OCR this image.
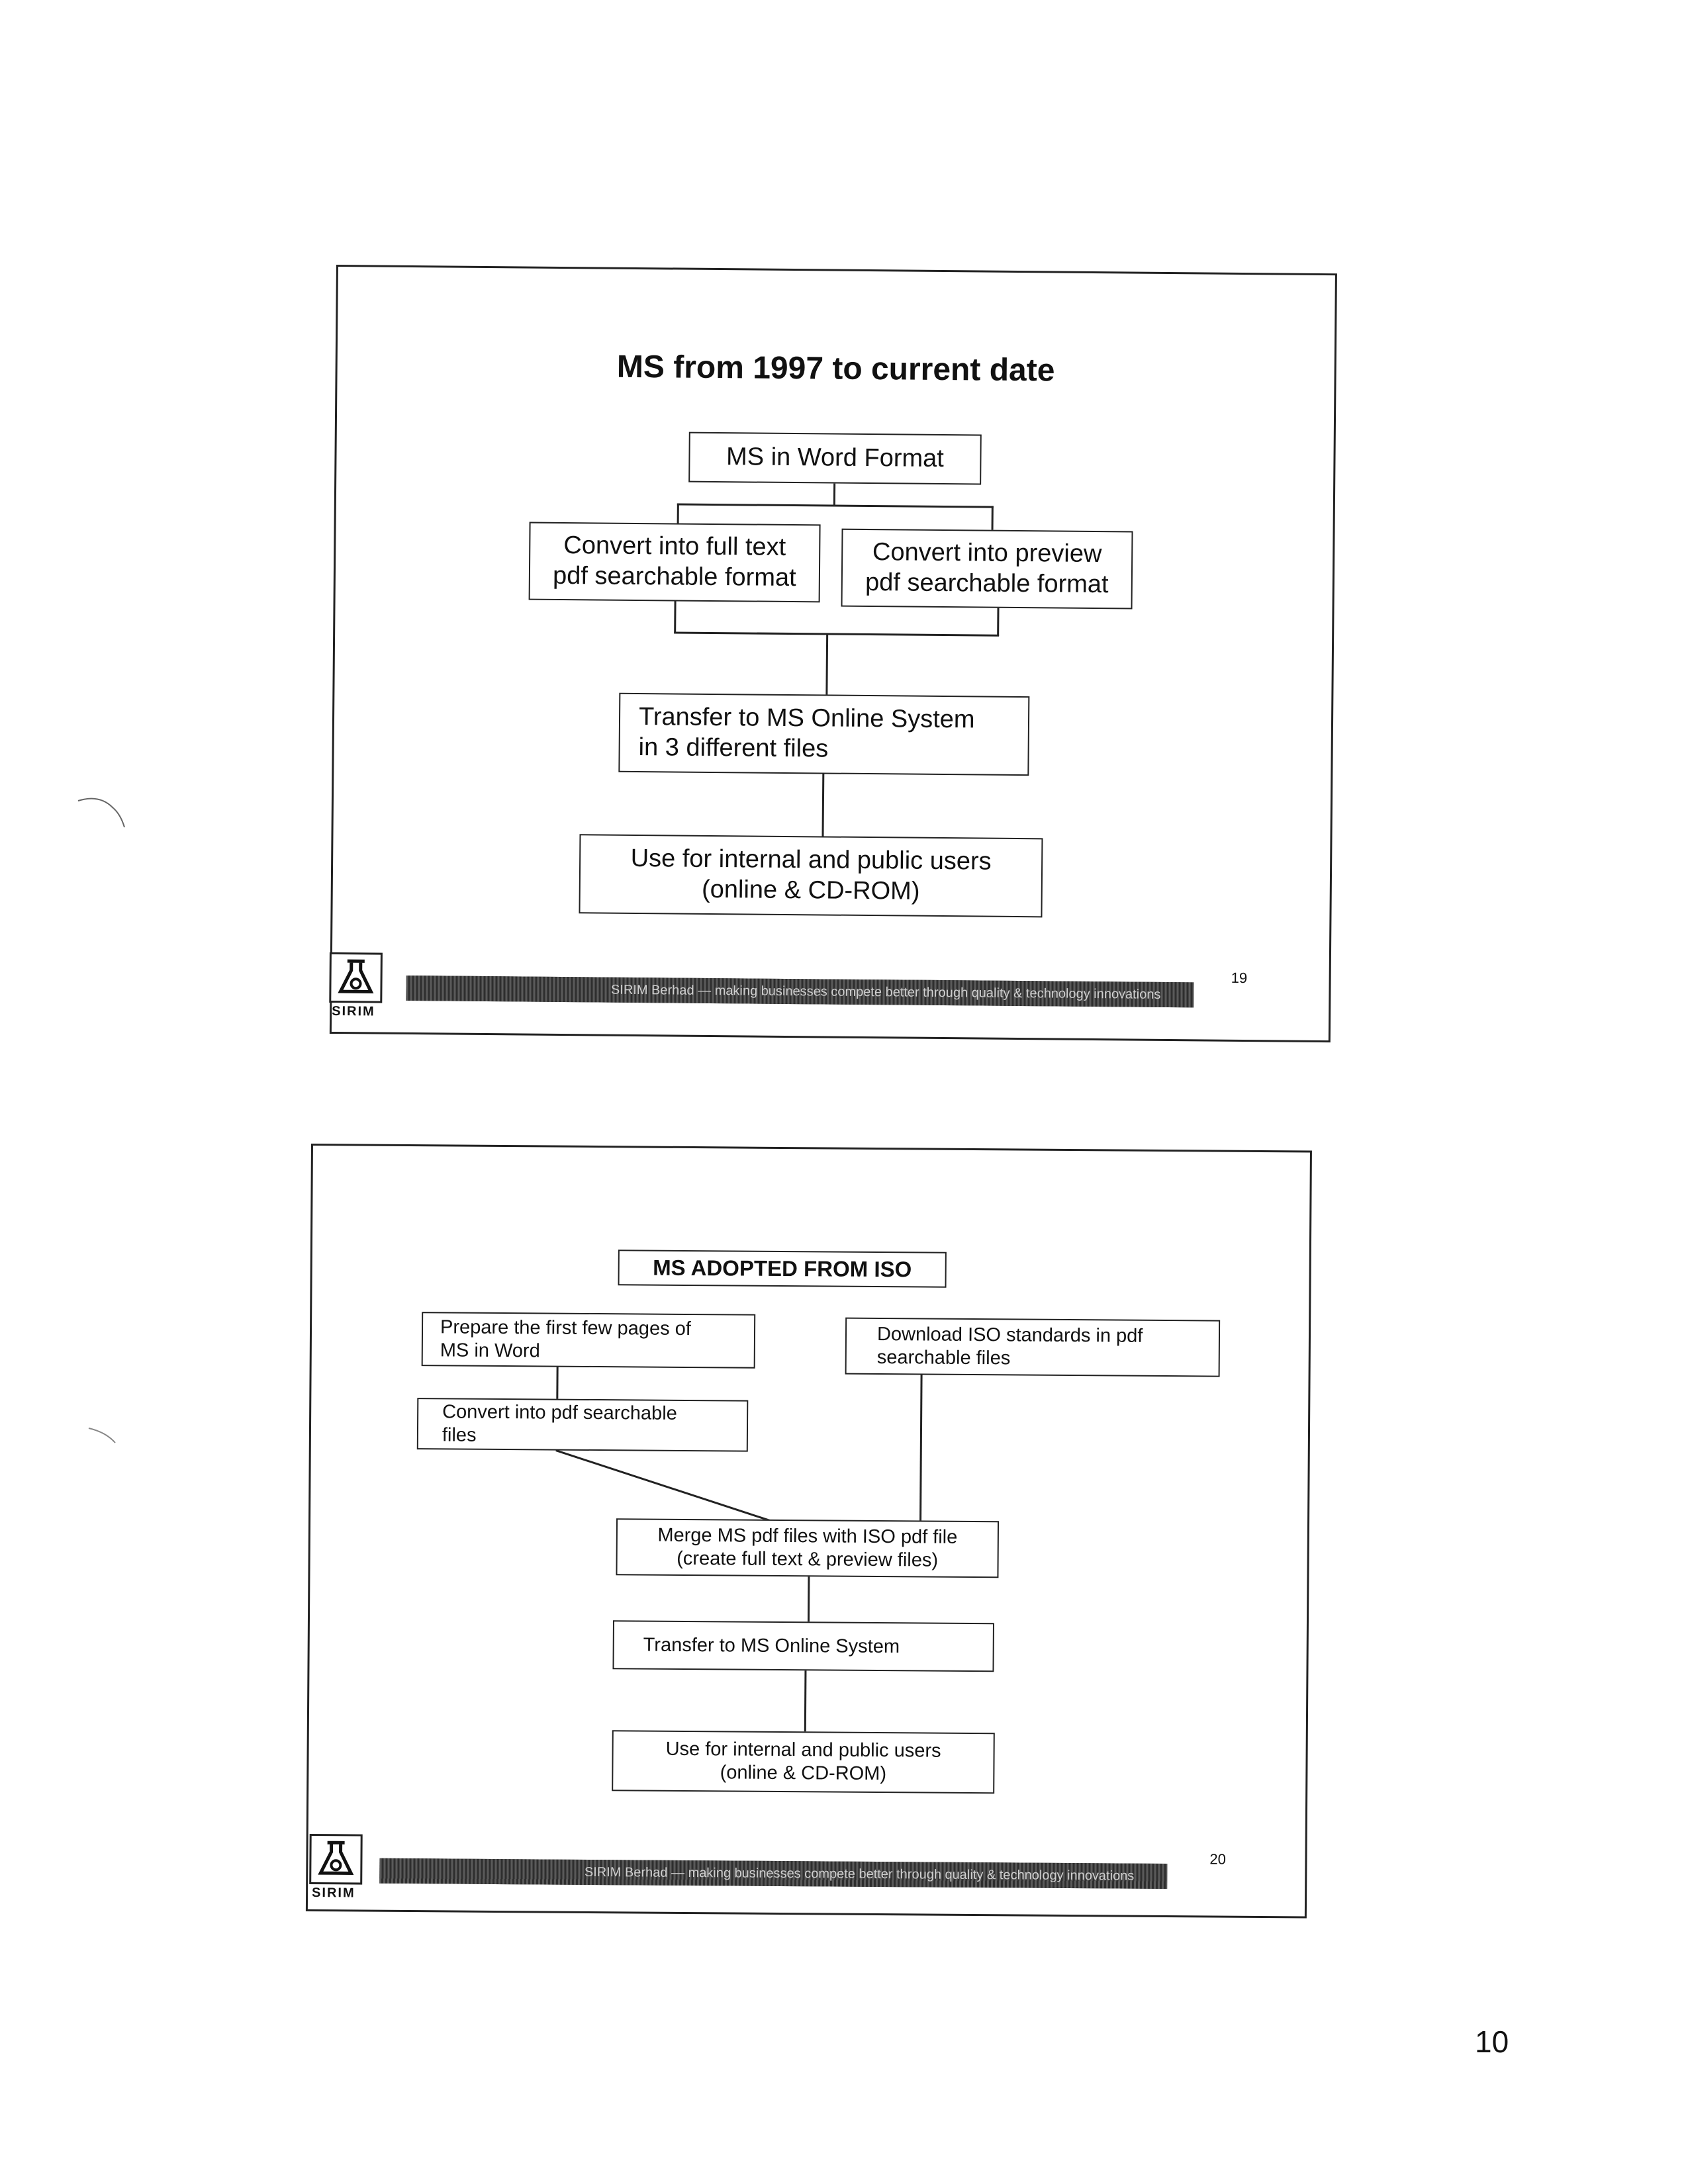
MS from 1997 to current date
MS in Word Format
Convert into full text
pdf searchable format
Convert into preview
pdf searchable format
Transfer to MS Online System
in 3 different files
Use for internal and public users
(online & CD-ROM)
SIRIM
SIRIM Berhad — making businesses compete better through quality & technology innovations
19
MS ADOPTED FROM ISO
Prepare the first few pages of
MS in Word
Download ISO standards in pdf
searchable files
Convert into pdf searchable
files
Merge MS pdf files with ISO pdf file
(create full text & preview files)
Transfer to MS Online System
Use for internal and public users
(online & CD-ROM)
SIRIM
SIRIM Berhad — making businesses compete better through quality & technology innovations
20
10
